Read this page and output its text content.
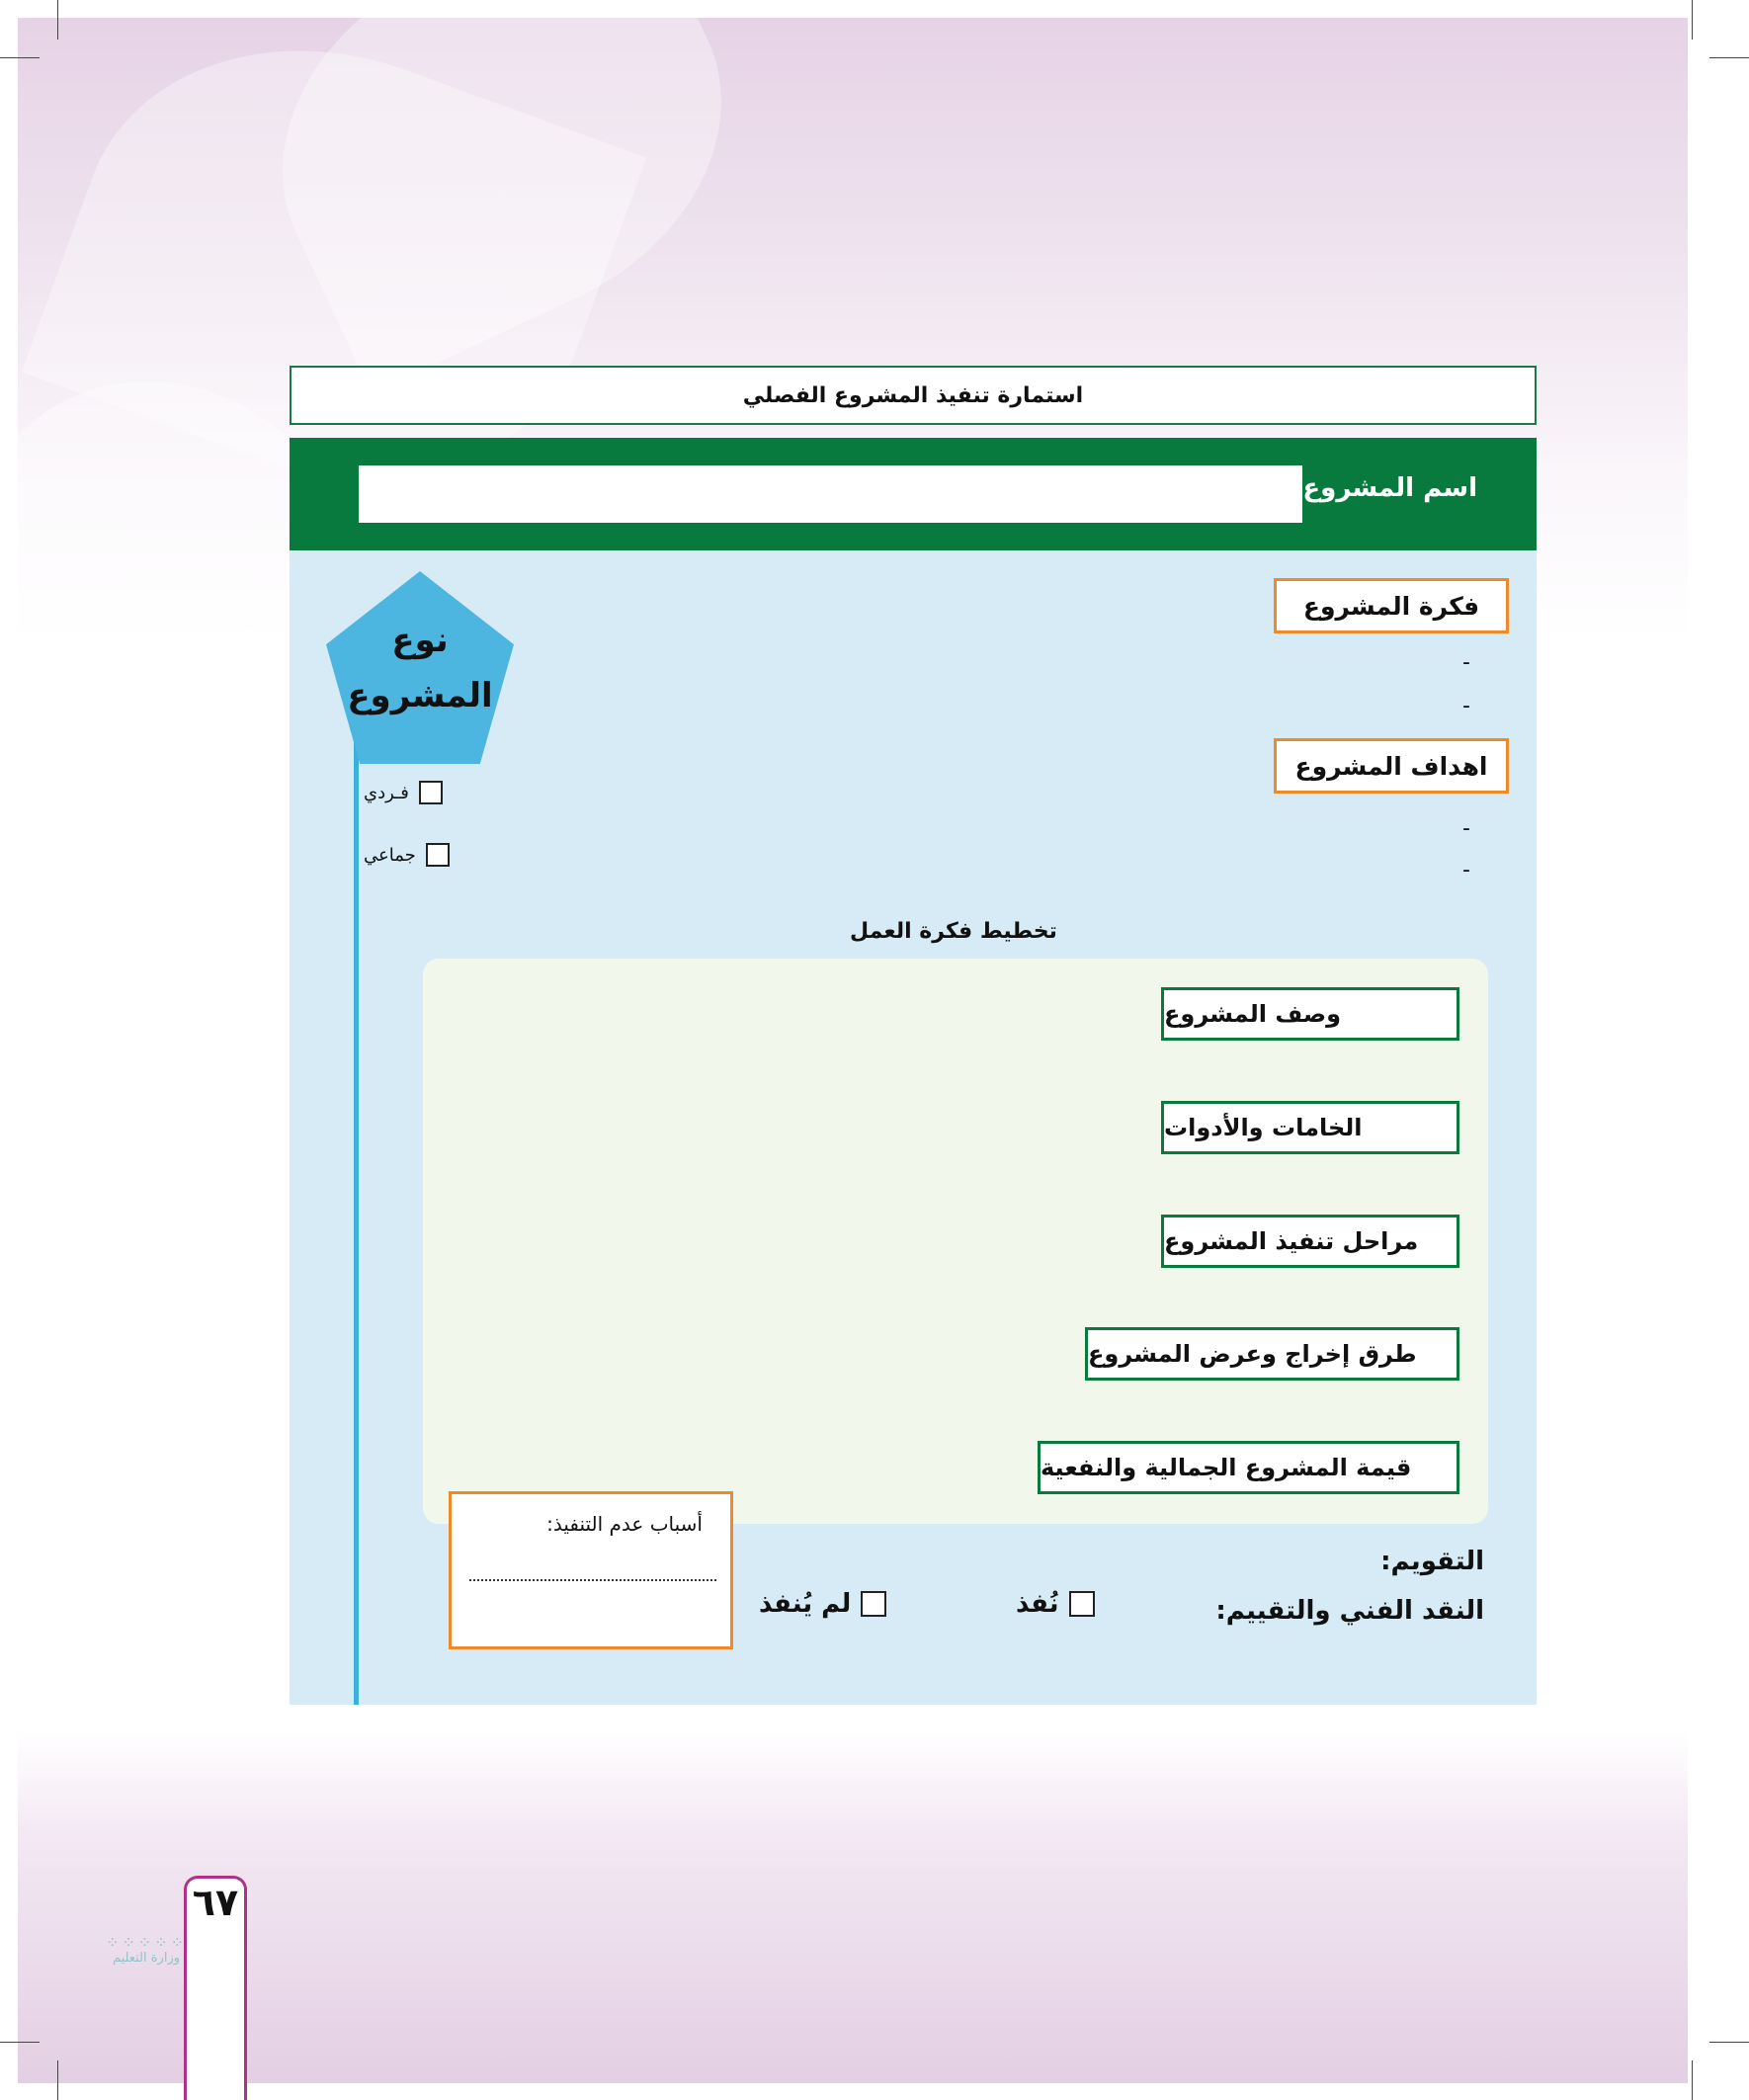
استمارة تنفيذ المشروع الفصلي
اسم المشروع
نوع
المشروع
فـردي
جماعي
فكرة المشروع
-
-
اهداف المشروع
-
-
تخطيط فكرة العمل
وصف المشروع
الخامات والأدوات
مراحل تنفيذ المشروع
طرق إخراج وعرض المشروع
قيمة المشروع الجمالية والنفعية
أسباب عدم التنفيذ:
التقويم:
النقد الفني والتقييم:
نُفذ
لم يُنفذ
٦٧
⁘⁘⁘⁘⁘
وزارة التعليم
